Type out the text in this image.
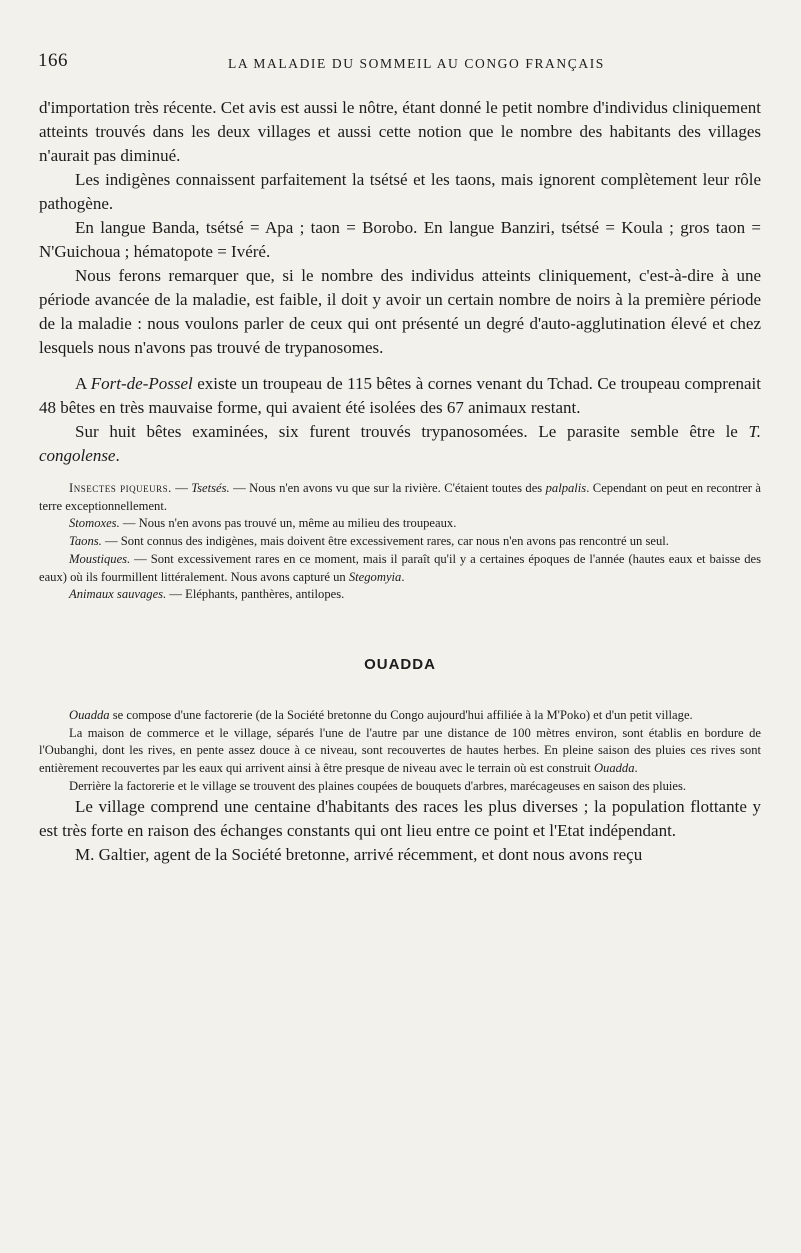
166	LA MALADIE DU SOMMEIL AU CONGO FRANÇAIS

d'importation très récente. Cet avis est aussi le nôtre, étant donné le petit nombre d'individus cliniquement atteints trouvés dans les deux villages et aussi cette notion que le nombre des habitants des villages n'aurait pas diminué.

Les indigènes connaissent parfaitement la tsétsé et les taons, mais ignorent complètement leur rôle pathogène.

En langue Banda, tsétsé = Apa ; taon = Borobo. En langue Banziri, tsétsé = Koula ; gros taon = N'Guichoua ; hématopote = Ivéré.

Nous ferons remarquer que, si le nombre des individus atteints cliniquement, c'est-à-dire à une période avancée de la maladie, est faible, il doit y avoir un certain nombre de noirs à la première période de la maladie : nous voulons parler de ceux qui ont présenté un degré d'auto-agglutination élevé et chez lesquels nous n'avons pas trouvé de trypanosomes.

A Fort-de-Possel existe un troupeau de 115 bêtes à cornes venant du Tchad. Ce troupeau comprenait 48 bêtes en très mauvaise forme, qui avaient été isolées des 67 animaux restant.

Sur huit bêtes examinées, six furent trouvés trypanosomées. Le parasite semble être le T. congolense.

Insectes piqueurs. — Tsetsés. — Nous n'en avons vu que sur la rivière. C'étaient toutes des palpalis. Cependant on peut en recontrer à terre exceptionnellement.

Stomoxes. — Nous n'en avons pas trouvé un, même au milieu des troupeaux.

Taons. — Sont connus des indigènes, mais doivent être excessivement rares, car nous n'en avons pas rencontré un seul.

Moustiques. — Sont excessivement rares en ce moment, mais il paraît qu'il y a certaines époques de l'année (hautes eaux et baisse des eaux) où ils fourmillent littéralement. Nous avons capturé un Stegomyia.

Animaux sauvages. — Eléphants, panthères, antilopes.

OUADDA

Ouadda se compose d'une factorerie (de la Société bretonne du Congo aujourd'hui affiliée à la M'Poko) et d'un petit village.

La maison de commerce et le village, séparés l'une de l'autre par une distance de 100 mètres environ, sont établis en bordure de l'Oubanghi, dont les rives, en pente assez douce à ce niveau, sont recouvertes de hautes herbes. En pleine saison des pluies ces rives sont entièrement recouvertes par les eaux qui arrivent ainsi à être presque de niveau avec le terrain où est construit Ouadda.

Derrière la factorerie et le village se trouvent des plaines coupées de bouquets d'arbres, marécageuses en saison des pluies.

Le village comprend une centaine d'habitants des races les plus diverses ; la population flottante y est très forte en raison des échanges constants qui ont lieu entre ce point et l'Etat indépendant.

M. Galtier, agent de la Société bretonne, arrivé récemment, et dont nous avons reçu
